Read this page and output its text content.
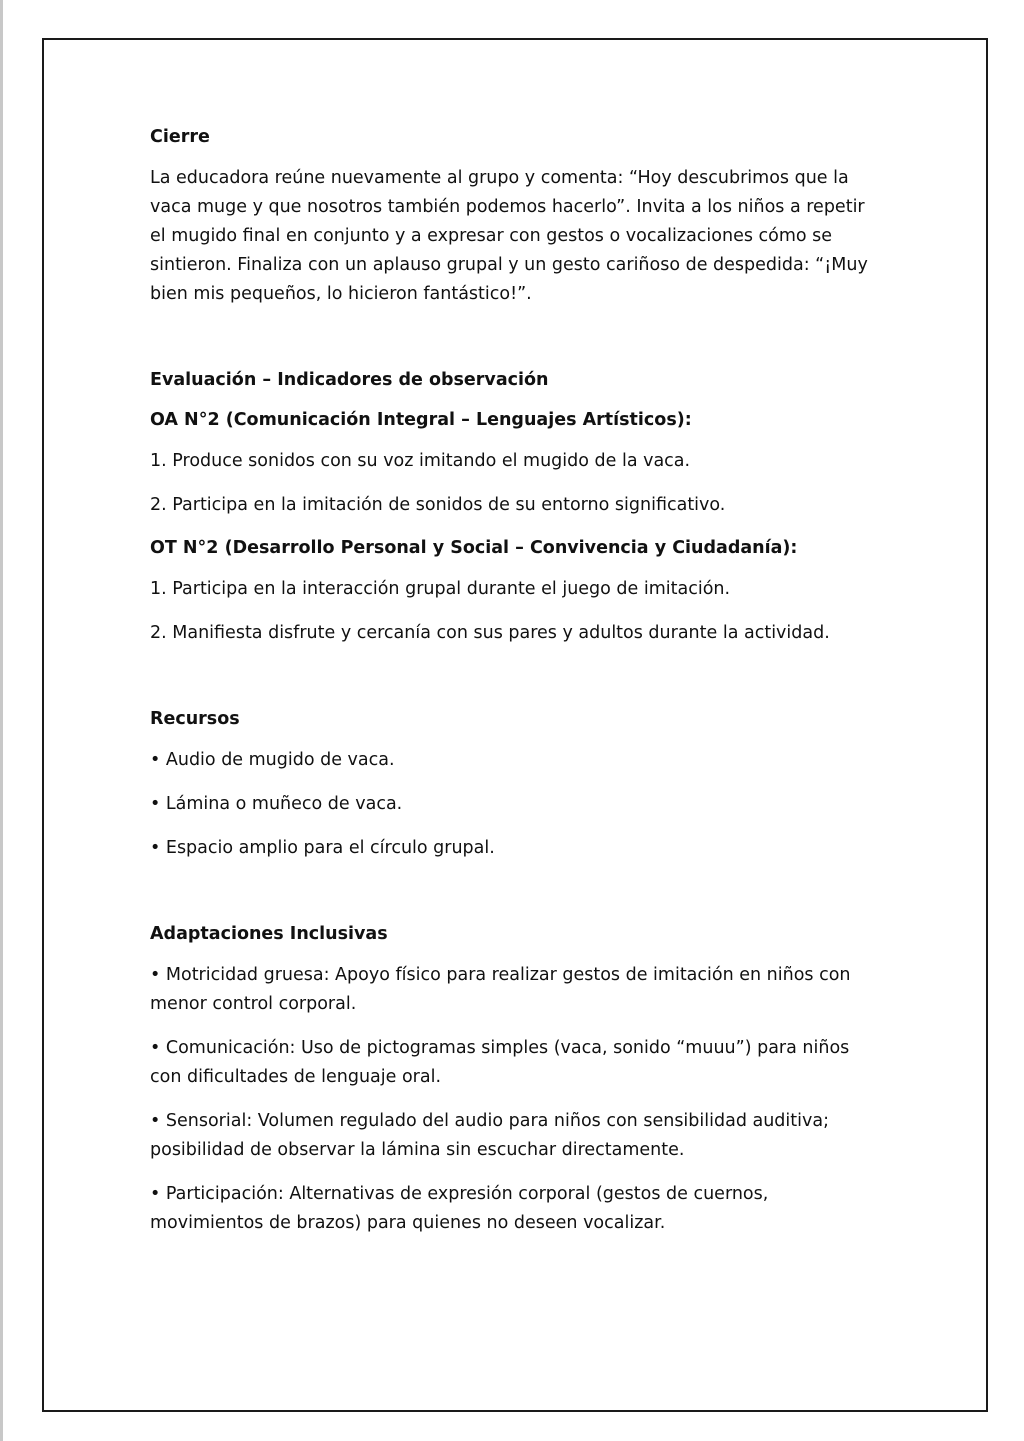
Cierre

La educadora reúne nuevamente al grupo y comenta: “Hoy descubrimos que la vaca muge y que nosotros también podemos hacerlo”. Invita a los niños a repetir el mugido final en conjunto y a expresar con gestos o vocalizaciones cómo se sintieron. Finaliza con un aplauso grupal y un gesto cariñoso de despedida: “¡Muy bien mis pequeños, lo hicieron fantástico!”.

Evaluación – Indicadores de observación
OA N°2 (Comunicación Integral – Lenguajes Artísticos):

1. Produce sonidos con su voz imitando el mugido de la vaca.

2. Participa en la imitación de sonidos de su entorno significativo.

OT N°2 (Desarrollo Personal y Social – Convivencia y Ciudadanía):

1. Participa en la interacción grupal durante el juego de imitación.

2. Manifiesta disfrute y cercanía con sus pares y adultos durante la actividad.

Recursos

• Audio de mugido de vaca.

• Lámina o muñeco de vaca.

• Espacio amplio para el círculo grupal.

Adaptaciones Inclusivas

• Motricidad gruesa: Apoyo físico para realizar gestos de imitación en niños con menor control corporal.

• Comunicación: Uso de pictogramas simples (vaca, sonido “muuu”) para niños con dificultades de lenguaje oral.

• Sensorial: Volumen regulado del audio para niños con sensibilidad auditiva; posibilidad de observar la lámina sin escuchar directamente.

• Participación: Alternativas de expresión corporal (gestos de cuernos, movimientos de brazos) para quienes no deseen vocalizar.
